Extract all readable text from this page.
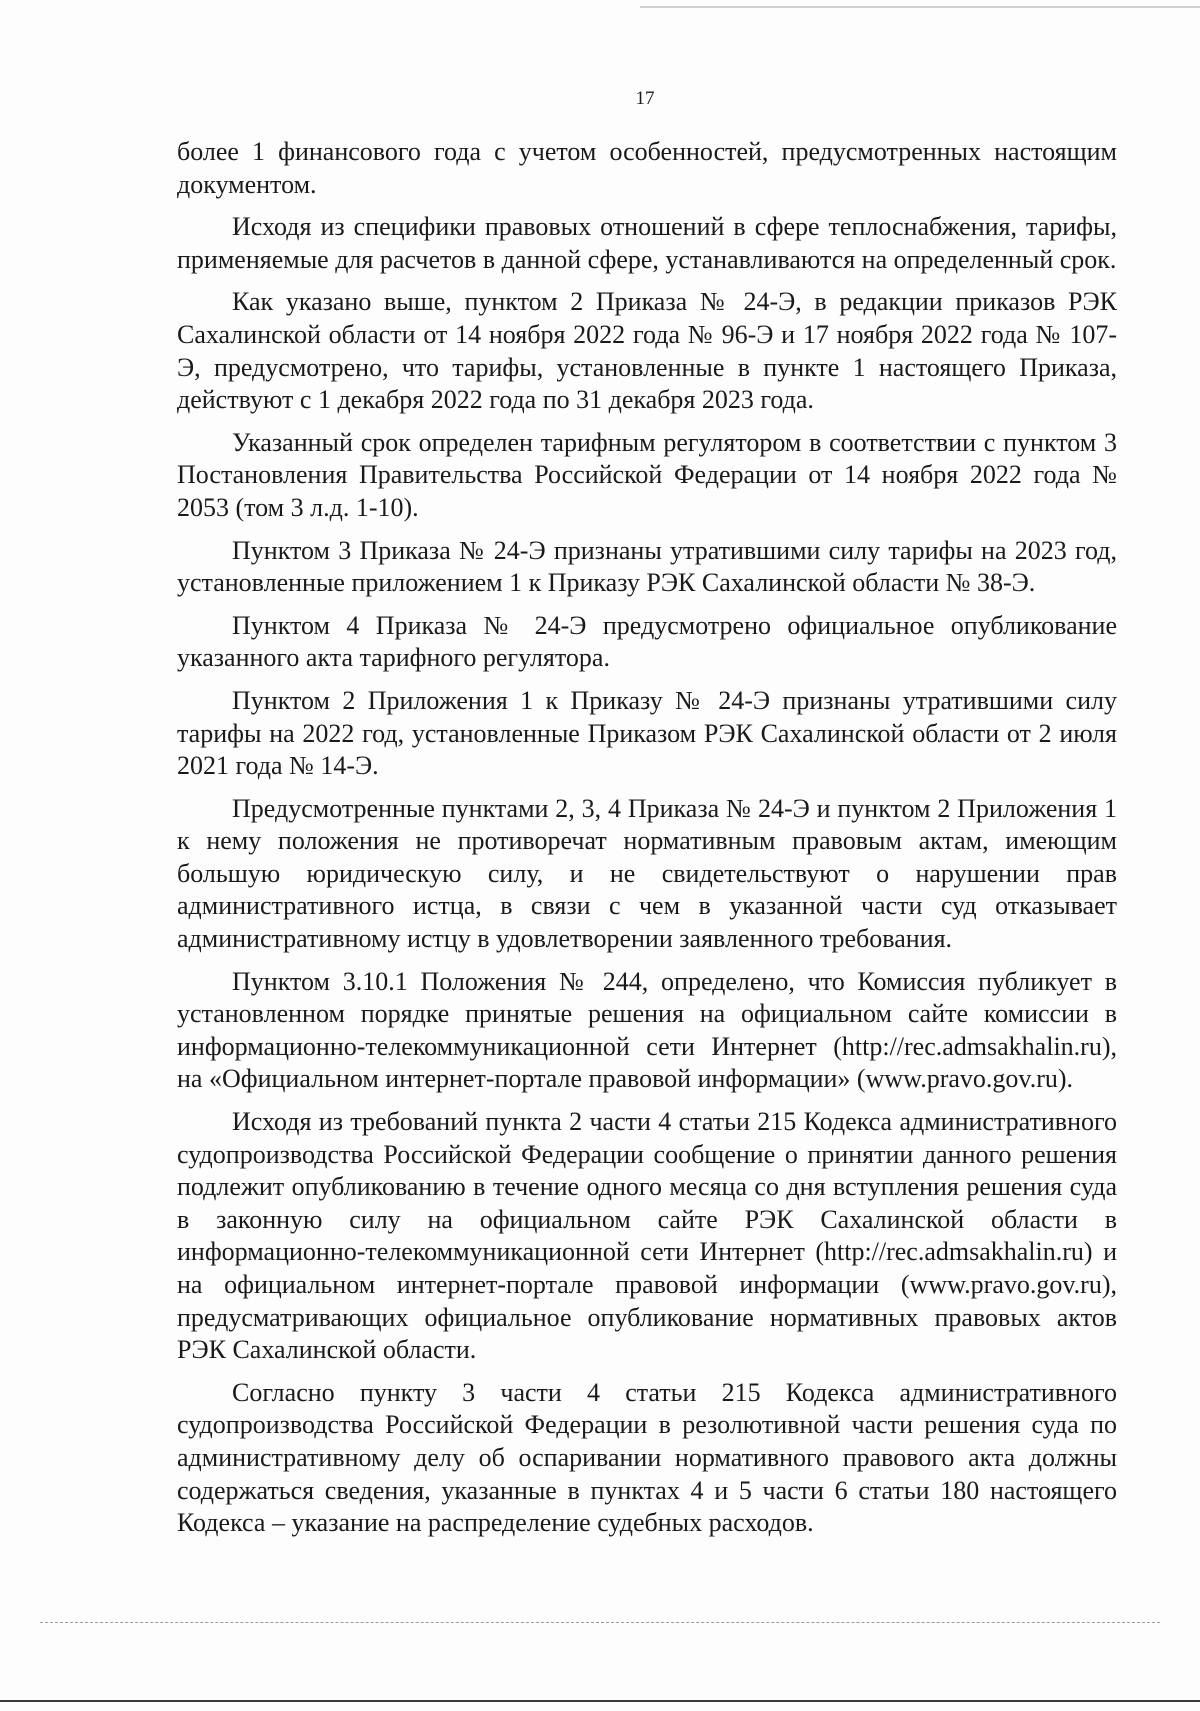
17

более 1 финансового года с учетом особенностей, предусмотренных настоящим документом.

Исходя из специфики правовых отношений в сфере теплоснабжения, тарифы, применяемые для расчетов в данной сфере, устанавливаются на определенный срок.

Как указано выше, пунктом 2 Приказа № 24-Э, в редакции приказов РЭК Сахалинской области от 14 ноября 2022 года № 96-Э и 17 ноября 2022 года № 107-Э, предусмотрено, что тарифы, установленные в пункте 1 настоящего Приказа, действуют с 1 декабря 2022 года по 31 декабря 2023 года.

Указанный срок определен тарифным регулятором в соответствии с пунктом 3 Постановления Правительства Российской Федерации от 14 ноября 2022 года № 2053 (том 3 л.д. 1-10).

Пунктом 3 Приказа № 24-Э признаны утратившими силу тарифы на 2023 год, установленные приложением 1 к Приказу РЭК Сахалинской области № 38-Э.

Пунктом 4 Приказа № 24-Э предусмотрено официальное опубликование указанного акта тарифного регулятора.

Пунктом 2 Приложения 1 к Приказу № 24-Э признаны утратившими силу тарифы на 2022 год, установленные Приказом РЭК Сахалинской области от 2 июля 2021 года № 14-Э.

Предусмотренные пунктами 2, 3, 4 Приказа № 24-Э и пунктом 2 Приложения 1 к нему положения не противоречат нормативным правовым актам, имеющим большую юридическую силу, и не свидетельствуют о нарушении прав административного истца, в связи с чем в указанной части суд отказывает административному истцу в удовлетворении заявленного требования.

Пунктом 3.10.1 Положения № 244, определено, что Комиссия публикует в установленном порядке принятые решения на официальном сайте комиссии в информационно-телекоммуникационной сети Интернет (http://rec.admsakhalin.ru), на «Официальном интернет-портале правовой информации» (www.pravo.gov.ru).

Исходя из требований пункта 2 части 4 статьи 215 Кодекса административного судопроизводства Российской Федерации сообщение о принятии данного решения подлежит опубликованию в течение одного месяца со дня вступления решения суда в законную силу на официальном сайте РЭК Сахалинской области в информационно-телекоммуникационной сети Интернет (http://rec.admsakhalin.ru) и на официальном интернет-портале правовой информации (www.pravo.gov.ru), предусматривающих официальное опубликование нормативных правовых актов РЭК Сахалинской области.

Согласно пункту 3 части 4 статьи 215 Кодекса административного судопроизводства Российской Федерации в резолютивной части решения суда по административному делу об оспаривании нормативного правового акта должны содержаться сведения, указанные в пунктах 4 и 5 части 6 статьи 180 настоящего Кодекса – указание на распределение судебных расходов.
